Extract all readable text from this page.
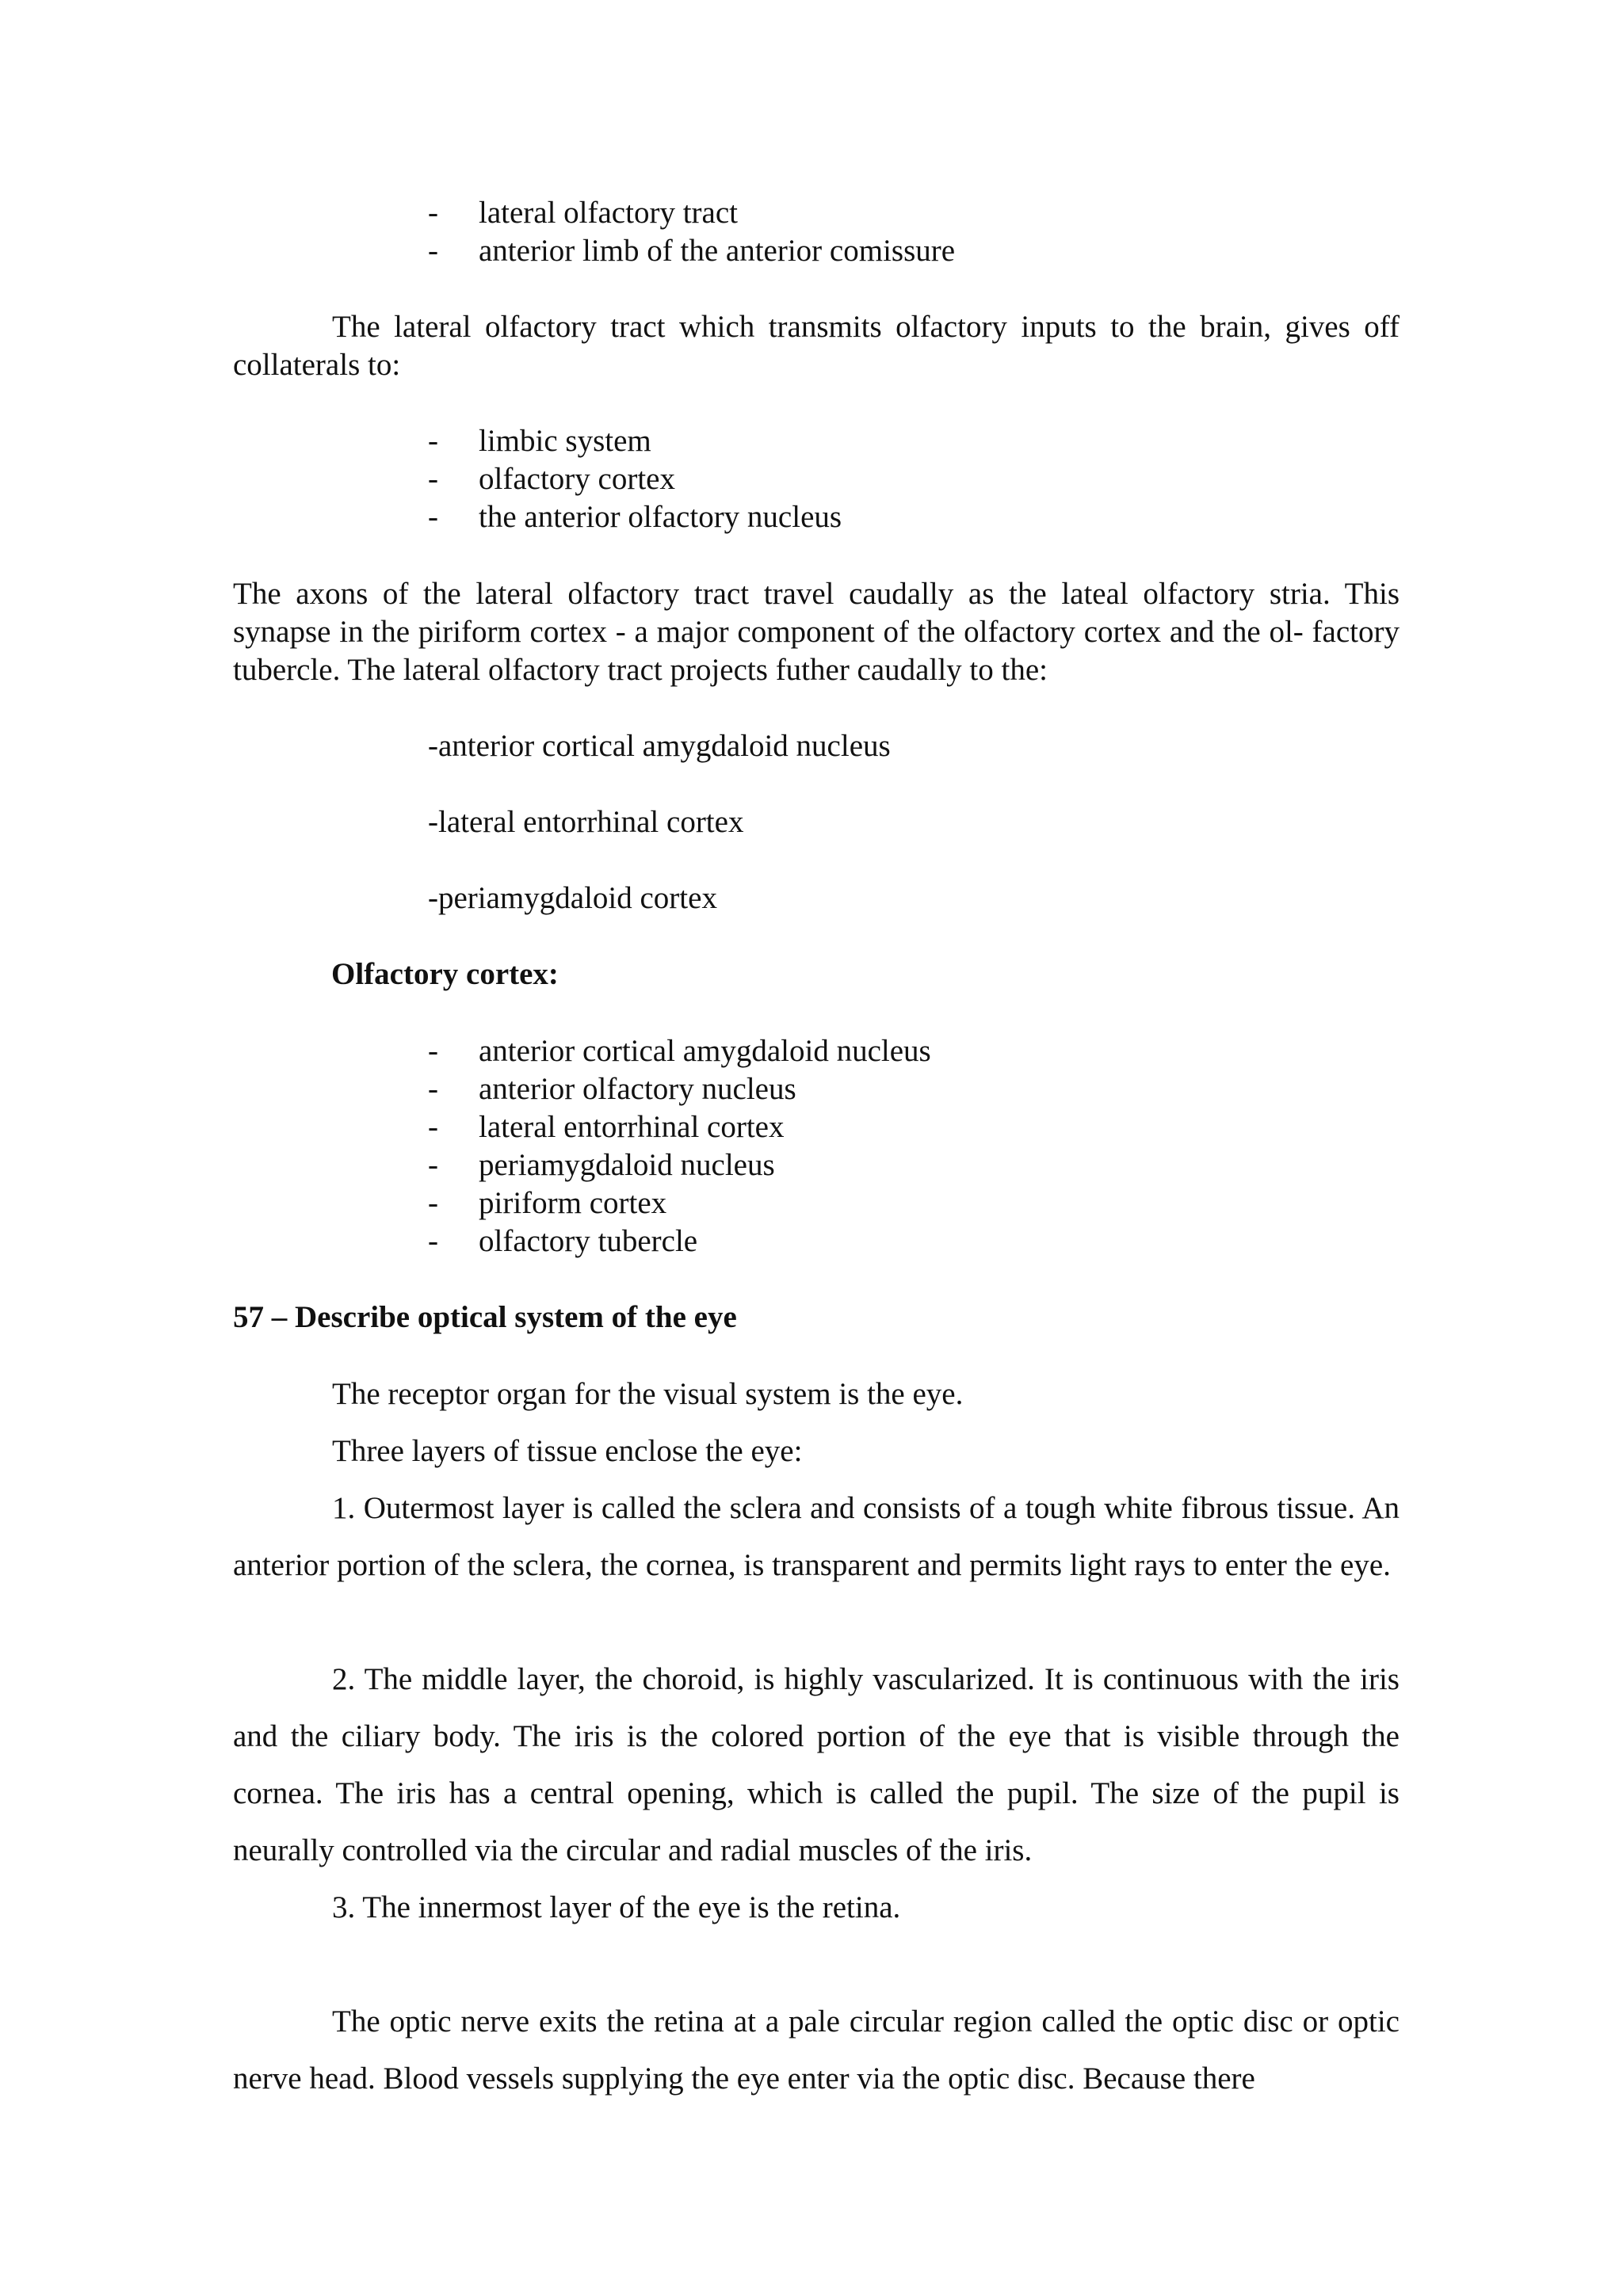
- lateral olfactory tract
- anterior limb of the anterior comissure
The lateral olfactory tract which transmits olfactory inputs to the brain, gives off collaterals to:
- limbic system
- olfactory cortex
- the anterior olfactory nucleus
The axons of the lateral olfactory tract travel caudally as the lateal olfactory stria. This synapse in the piriform cortex - a major component of the olfactory cortex and the ol- factory tubercle. The lateral olfactory tract projects futher caudally to the:
-anterior cortical amygdaloid nucleus
-lateral entorrhinal cortex
-periamygdaloid cortex
Olfactory cortex:
- anterior cortical amygdaloid nucleus
- anterior olfactory nucleus
- lateral entorrhinal cortex
- periamygdaloid nucleus
- piriform cortex
- olfactory tubercle
57 – Describe optical system of the eye
The receptor organ for the visual system is the eye.
Three layers of tissue enclose the eye:
1. Outermost layer is called the sclera and consists of a tough white fibrous tissue. An anterior portion of the sclera, the cornea, is transparent and permits light rays to enter the eye.
2. The middle layer, the choroid, is highly vascularized. It is continuous with the iris and the ciliary body. The iris is the colored portion of the eye that is visible through the cornea. The iris has a central opening, which is called the pupil. The size of the pupil is neurally controlled via the circular and radial muscles of the iris.
3. The innermost layer of the eye is the retina.
The optic nerve exits the retina at a pale circular region called the optic disc or optic nerve head. Blood vessels supplying the eye enter via the optic disc. Because there
